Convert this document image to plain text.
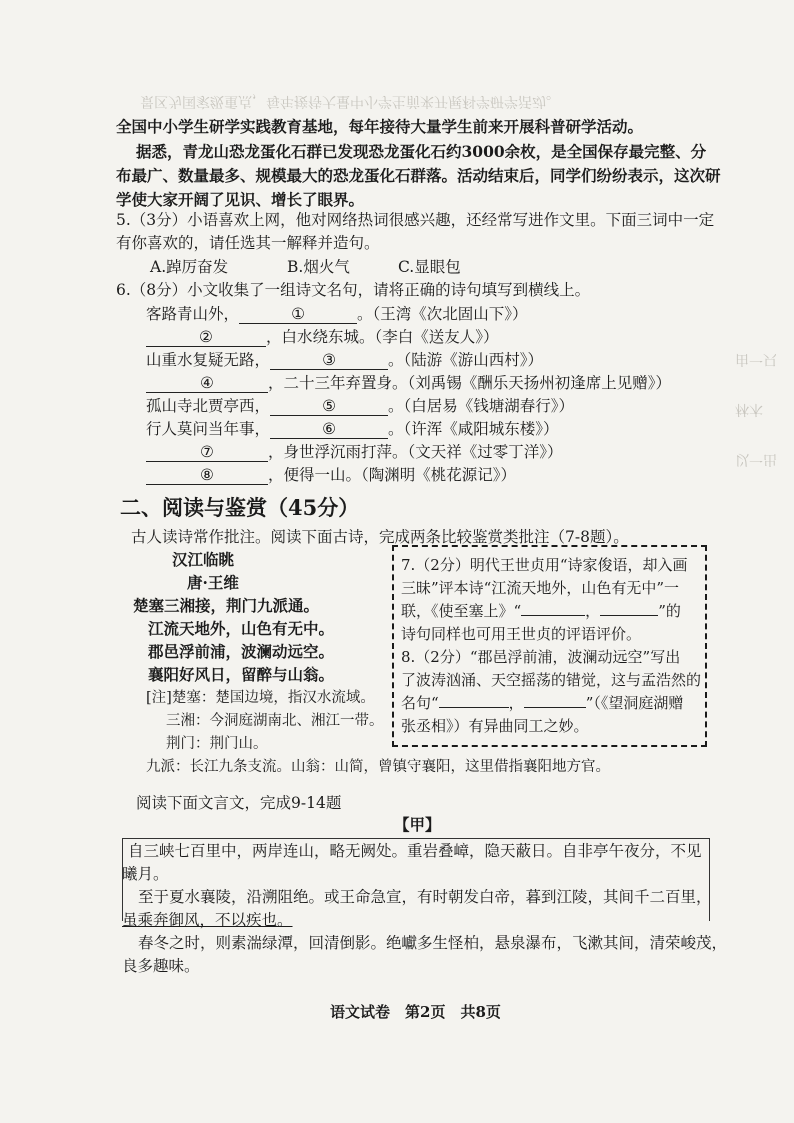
景区为国家级重点，每年接待大量中小学生前来开展科学研学活动。
由一只
林木
以一出
全国中小学生研学实践教育基地，每年接待大量学生前来开展科普研学活动。
据悉，青龙山恐龙蛋化石群已发现恐龙蛋化石约3000余枚，是全国保存最完整、分
布最广、数量最多、规模最大的恐龙蛋化石群落。活动结束后，同学们纷纷表示，这次研
学使大家开阔了见识、增长了眼界。
5.（3分）小语喜欢上网，他对网络热词很感兴趣，还经常写进作文里。下面三词中一定
有你喜欢的，请任选其一解释并造句。
A.踔厉奋发	B.烟火气	C.显眼包
6.（8分）小文收集了一组诗文名句，请将正确的诗句填写到横线上。
客路青山外，	①	。（王湾《次北固山下》）
②	，白水绕东城。（李白《送友人》）
山重水复疑无路，	③	。（陆游《游山西村》）
④	，二十三年弃置身。（刘禹锡《酬乐天扬州初逢席上见赠》）
孤山寺北贾亭西，	⑤	。（白居易《钱塘湖春行》）
行人莫问当年事，	⑥	。（许浑《咸阳城东楼》）
⑦	，身世浮沉雨打萍。（文天祥《过零丁洋》）
⑧	，便得一山。（陶渊明《桃花源记》）
二、阅读与鉴赏（45分）
古人读诗常作批注。阅读下面古诗，完成两条比较鉴赏类批注（7-8题）。
汉江临眺
唐·王维
楚塞三湘接，荆门九派通。
江流天地外，山色有无中。
郡邑浮前浦，波澜动远空。
襄阳好风日，留醉与山翁。
[注]楚塞：楚国边境，指汉水流域。
三湘：今洞庭湖南北、湘江一带。
荆门：荆门山。
九派：长江九条支流。山翁：山简，曾镇守襄阳，这里借指襄阳地方官。
7.（2分）明代王世贞用“诗家俊语，却入画
三昧”评本诗“江流天地外，山色有无中”一
联，《使至塞上》“	，	”的
诗句同样也可用王世贞的评语评价。
8.（2分）“郡邑浮前浦，波澜动远空”写出
了波涛汹涌、天空摇荡的错觉，这与孟浩然的
名句“	，	”（《望洞庭湖赠
张丞相》）有异曲同工之妙。
阅读下面文言文，完成9-14题
【甲】
自三峡七百里中，两岸连山，略无阙处。重岩叠嶂，隐天蔽日。自非亭午夜分，不见
曦月。
至于夏水襄陵，沿溯阻绝。或王命急宣，有时朝发白帝，暮到江陵，其间千二百里，
虽乘奔御风，不以疾也。
春冬之时，则素湍绿潭，回清倒影。绝巘多生怪柏，悬泉瀑布，飞漱其间，清荣峻茂，
良多趣味。
语文试卷　第2页　共8页
